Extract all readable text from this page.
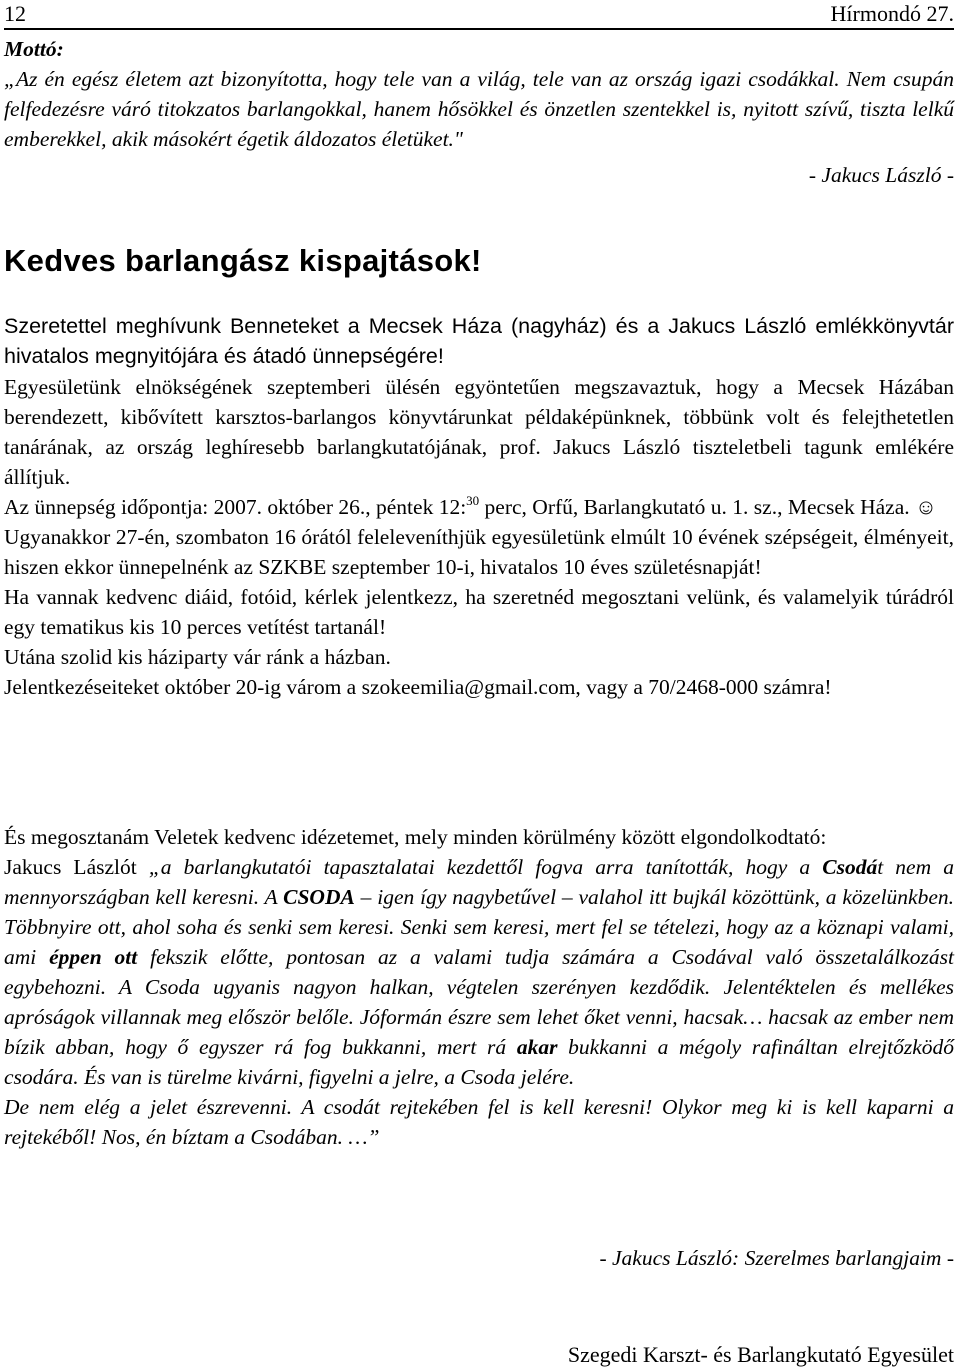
12	Hírmondó 27.
Mottó:
„Az én egész életem azt bizonyította, hogy tele van a világ, tele van az ország igazi csodákkal. Nem csupán felfedezésre váró titokzatos barlangokkal, hanem hősökkel és önzetlen szentekkel is, nyitott szívű, tiszta lelkű emberekkel, akik másokért égetik áldozatos életüket."
- Jakucs László -
Kedves barlangász kispajtások!
Szeretettel meghívunk Benneteket a Mecsek Háza (nagyház) és a Jakucs László emlékkönyvtár hivatalos megnyitójára és átadó ünnepségére!

Egyesületünk elnökségének szeptemberi ülésén egyöntetűen megszavaztuk, hogy a Mecsek Házában berendezett, kibővített karsztos-barlangos könyvtárunkat példaképünknek, többünk volt és felejthetetlen tanárának, az ország leghíresebb barlangkutatójának, prof. Jakucs László tiszteletbeli tagunk emlékére állítjuk.

Az ünnepség időpontja: 2007. október 26., péntek 12:$^{30}$ perc, Orfű, Barlangkutató u. 1. sz., Mecsek Háza. ☺

Ugyanakkor 27-én, szombaton 16 órától feleleveníthjük egyesületünk elmúlt 10 évének szépségeit, élményeit, hiszen ekkor ünnepelnénk az SZKBE szeptember 10-i, hivatalos 10 éves születésnapját!

Ha vannak kedvenc diáid, fotóid, kérlek jelentkezz, ha szeretnéd megosztani velünk, és valamelyik túrádról egy tematikus kis 10 perces vetítést tartanál!

Utána szolid kis háziparty vár ránk a házban.

Jelentkezéseiteket október 20-ig várom a szokeemilia@gmail.com, vagy a 70/2468-000 számra!

És megosztanám Veletek kedvenc idézetemet, mely minden körülmény között elgondolkodtató:

Jakucs Lászlót „a barlangkutatói tapasztalatai kezdettől fogva arra tanították, hogy a Csodát nem a mennyországban kell keresni. A CSODA – igen így nagybetűvel – valahol itt bujkál közöttünk, a közelünkben. Többnyire ott, ahol soha és senki sem keresi. Senki sem keresi, mert fel se tételezi, hogy az a köznapi valami, ami éppen ott fekszik előtte, pontosan az a valami tudja számára a Csodával való összetalálkozást egybehozni. A Csoda ugyanis nagyon halkan, végtelen szerényen kezdődik. Jelentéktelen és mellékes apróságok villannak meg először belőle. Jóformán észre sem lehet őket venni, hacsak… hacsak az ember nem bízik abban, hogy ő egyszer rá fog bukkanni, mert rá akar bukkanni a mégoly rafináltan elrejtőzködő csodára. És van is türelme kivárni, figyelni a jelre, a Csoda jelére.

De nem elég a jelet észrevenni. A csodát rejtekében fel is kell keresni! Olykor meg ki is kell kaparni a rejtekéből! Nos, én bíztam a Csodában. …”

- Jakucs László: Szerelmes barlangjaim -
Szegedi Karszt- és Barlangkutató Egyesület
